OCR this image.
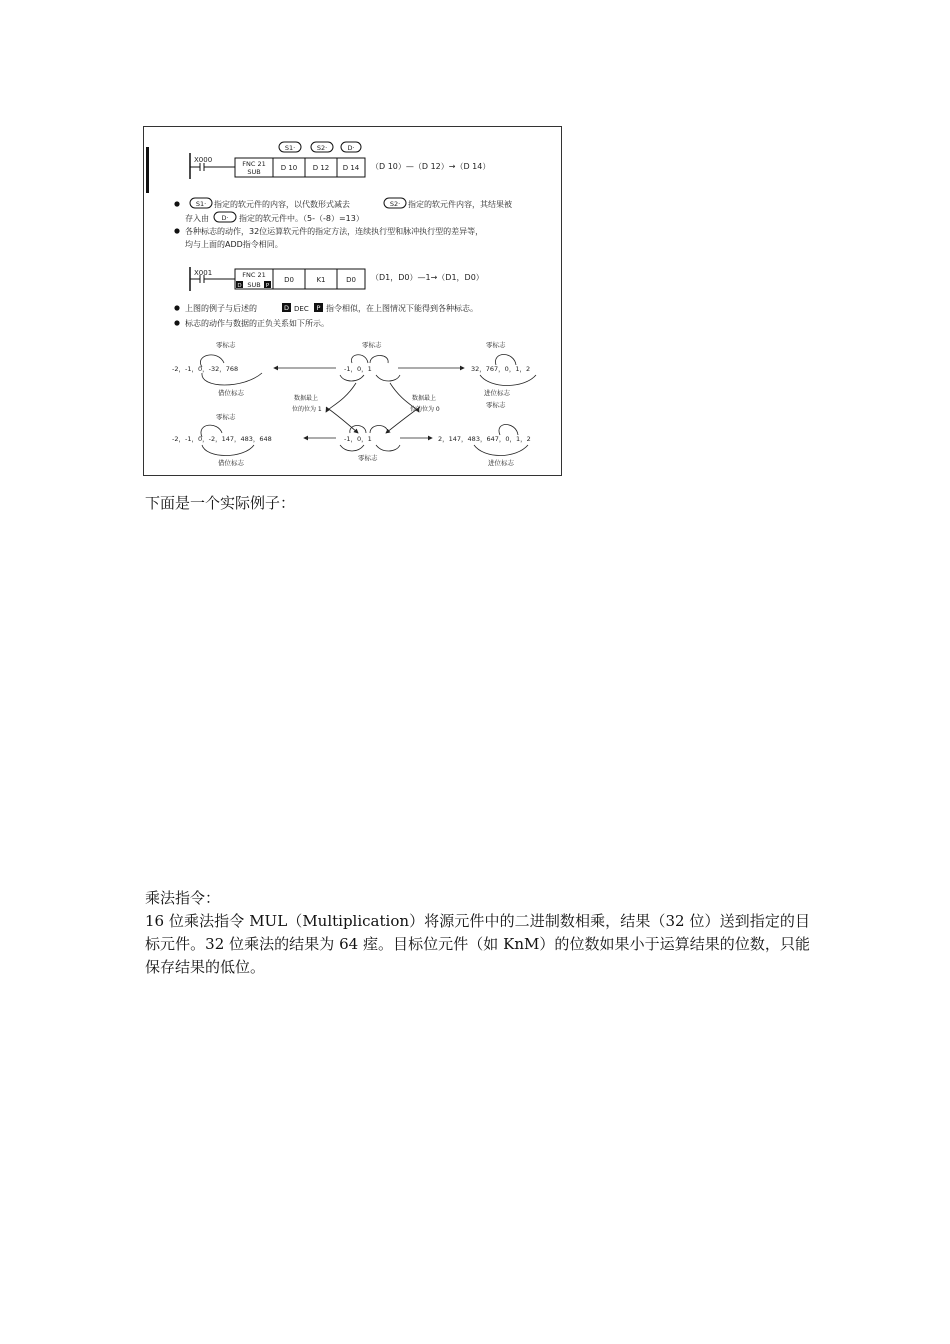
X000	FNC 21
SUB	D 10 D 12 D 14
S1·	S2·	D·
（D 10）—（D 12）→（D 14）
S1· 指定的软元件的内容，以代数形式减去	S2· 指定的软元件内容，其结果被
存入由 D· 指定的软元件中。（5-（-8）=13）
各种标志的动作，32位运算软元件的指定方法，连续执行型和脉冲执行型的差异等，
均与上面的ADD指令相同。
X001	FNC 21
D SUB P
D0	K1	D0 （D1，D0）—1→（D1，D0）
上图的例子与后述的	D DEC P 指令相似，在上图情况下能得到各种标志。
标志的动作与数据的正负关系如下所示。
零标志	零标志	零标志
-2，-1，0，-32，768	-1，0，1	32，767，0，1，2
借位标志	进位标志
零标志
数据最上
位的位为 1
数据最上
位的位为 0
零标志
-2，-1，0，-2，147，483，648	-1，0，1	2，147，483，647，0，1，2
借位标志
零标志
进位标志
下面是一个实际例子：

乘法指令：

16 位乘法指令 MUL（Multiplication）将源元件中的二进制数相乘，结果（32 位）送到指定的目标元件。32 位乘法的结果为 64 痓。目标位元件（如 KnM）的位数如果小于运算结果的位数，只能保存结果的低位。
